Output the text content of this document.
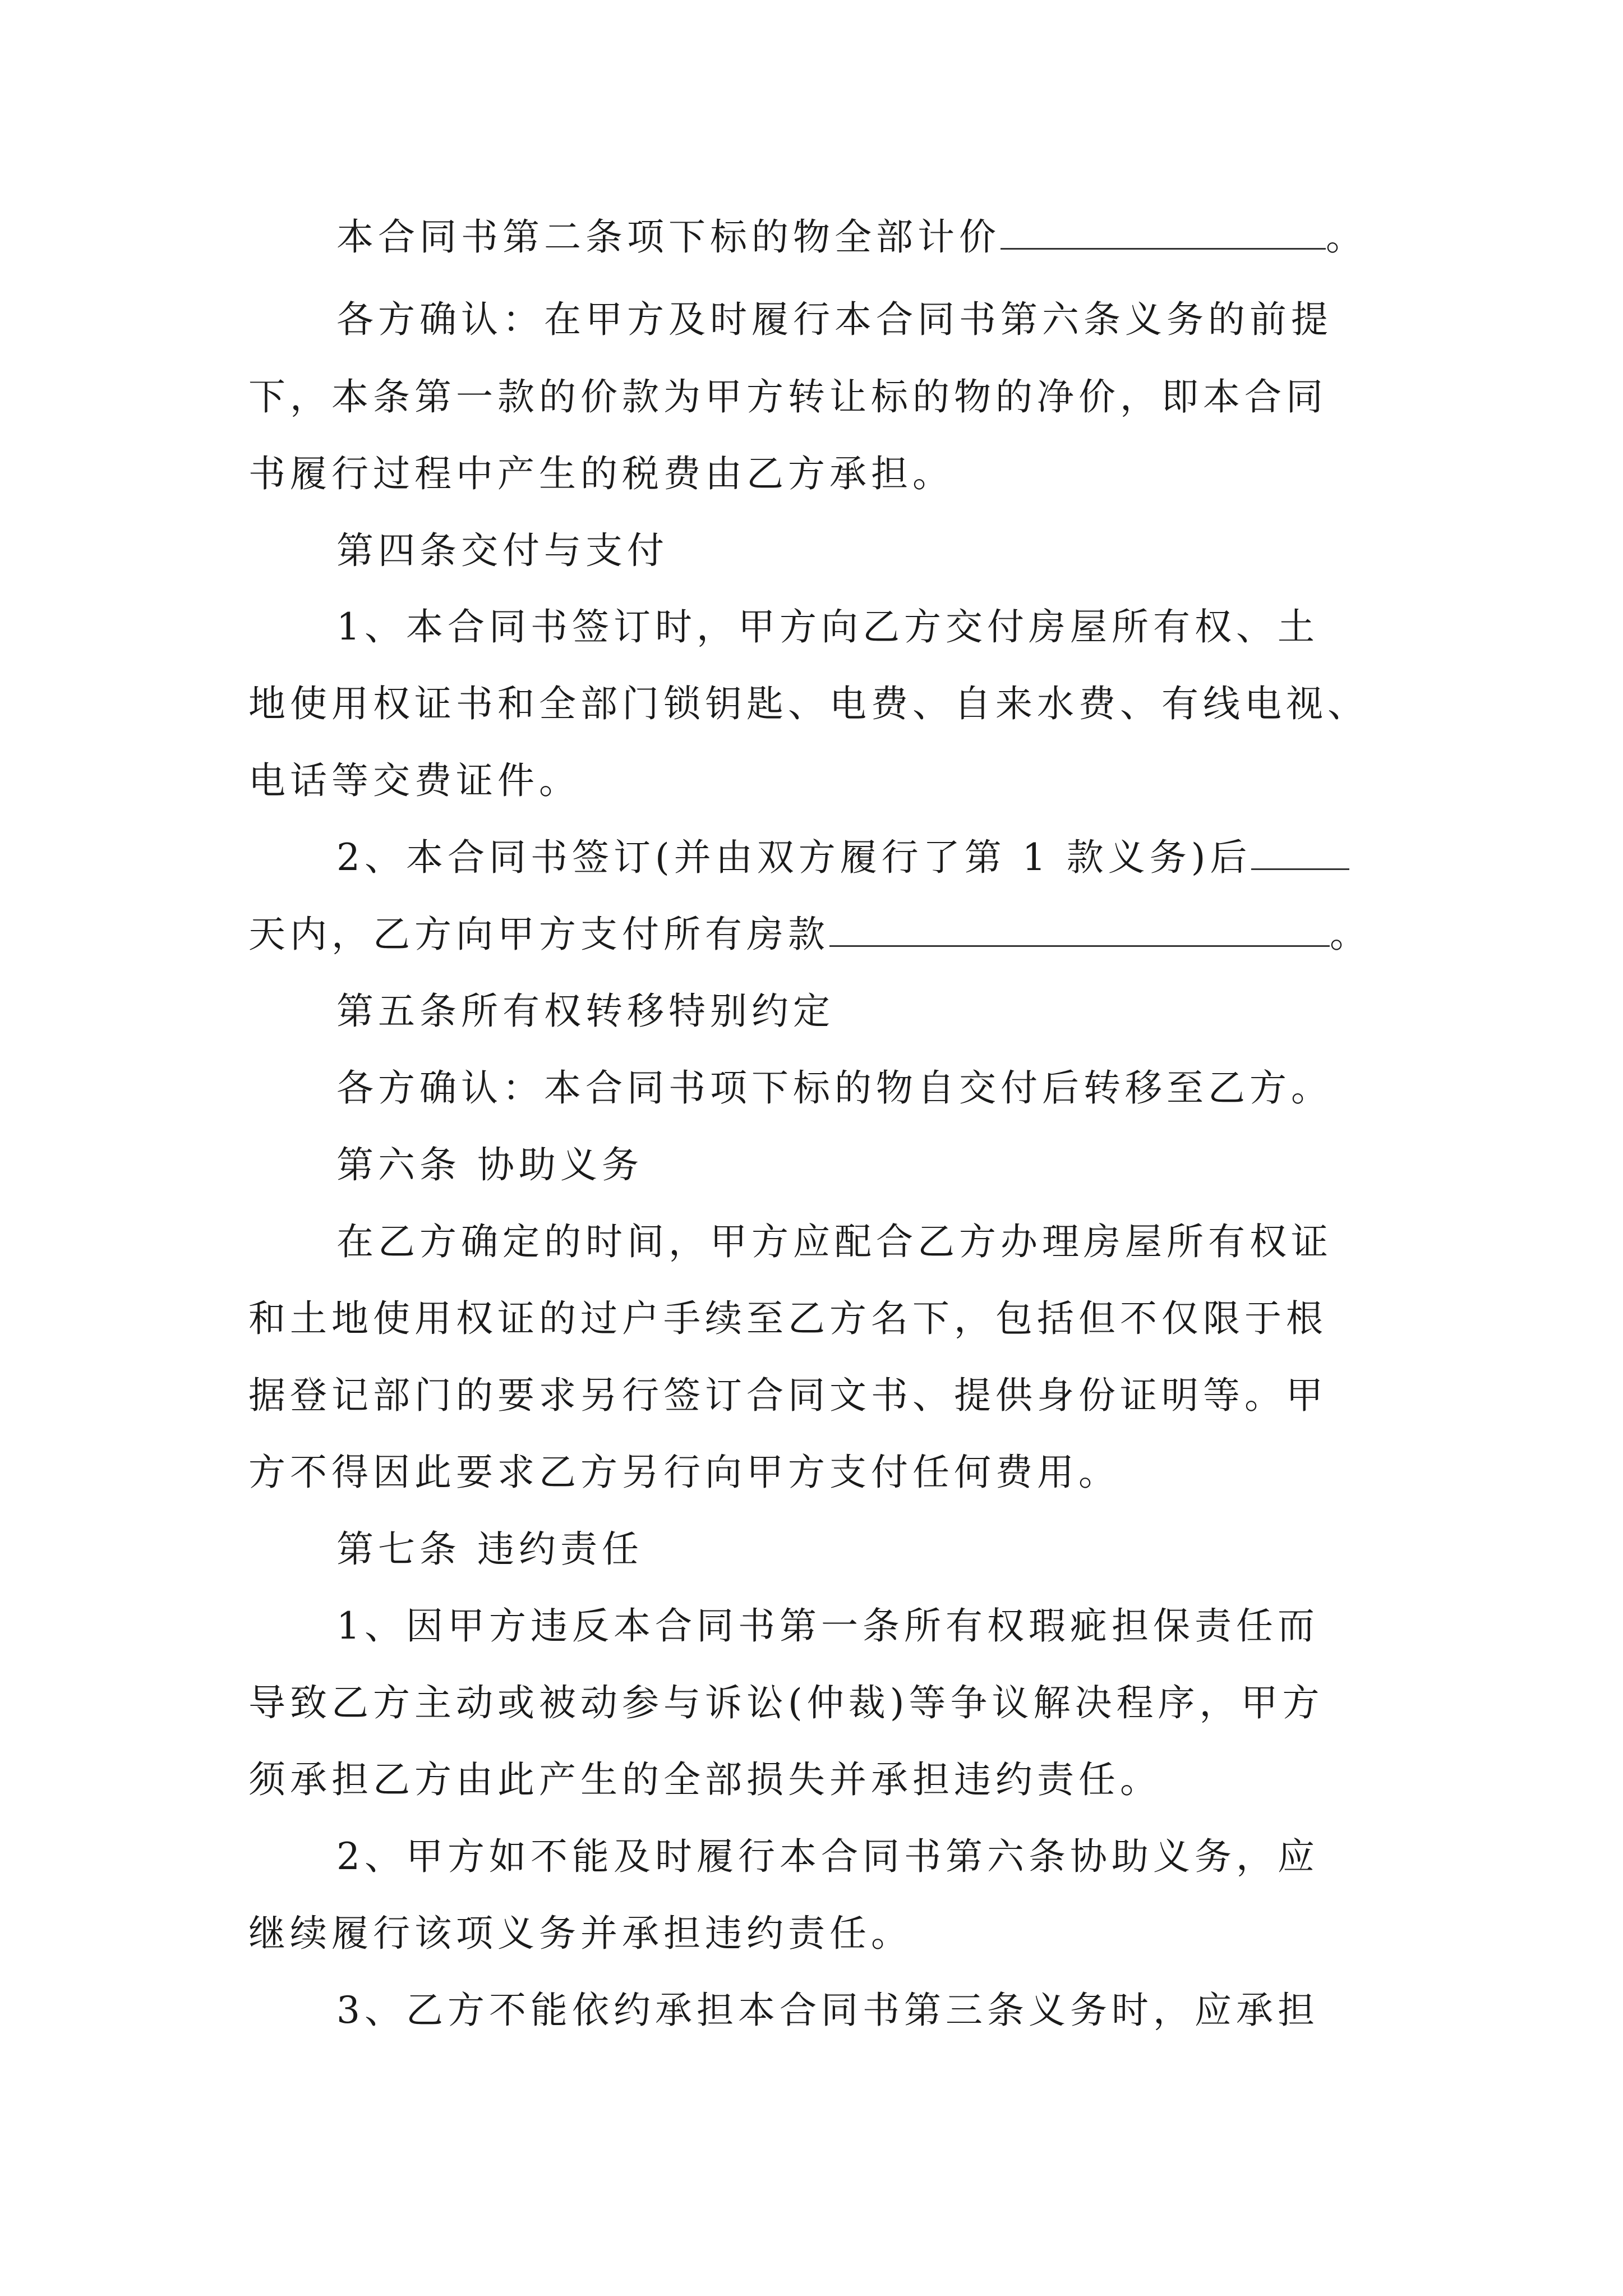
本合同书第二条项下标的物全部计价	。
各方确认：在甲方及时履行本合同书第六条义务的前提
下，本条第一款的价款为甲方转让标的物的净价，即本合同
书履行过程中产生的税费由乙方承担。
第四条交付与支付
1、本合同书签订时，甲方向乙方交付房屋所有权、土
地使用权证书和全部门锁钥匙、电费、自来水费、有线电视、
电话等交费证件。
2、本合同书签订(并由双方履行了第 1 款义务)后
天内，乙方向甲方支付所有房款	。
第五条所有权转移特别约定
各方确认：本合同书项下标的物自交付后转移至乙方。
第六条 协助义务
在乙方确定的时间，甲方应配合乙方办理房屋所有权证
和土地使用权证的过户手续至乙方名下，包括但不仅限于根
据登记部门的要求另行签订合同文书、提供身份证明等。甲
方不得因此要求乙方另行向甲方支付任何费用。
第七条 违约责任
1、因甲方违反本合同书第一条所有权瑕疵担保责任而
导致乙方主动或被动参与诉讼(仲裁)等争议解决程序，甲方
须承担乙方由此产生的全部损失并承担违约责任。
2、甲方如不能及时履行本合同书第六条协助义务，应
继续履行该项义务并承担违约责任。
3、乙方不能依约承担本合同书第三条义务时，应承担
